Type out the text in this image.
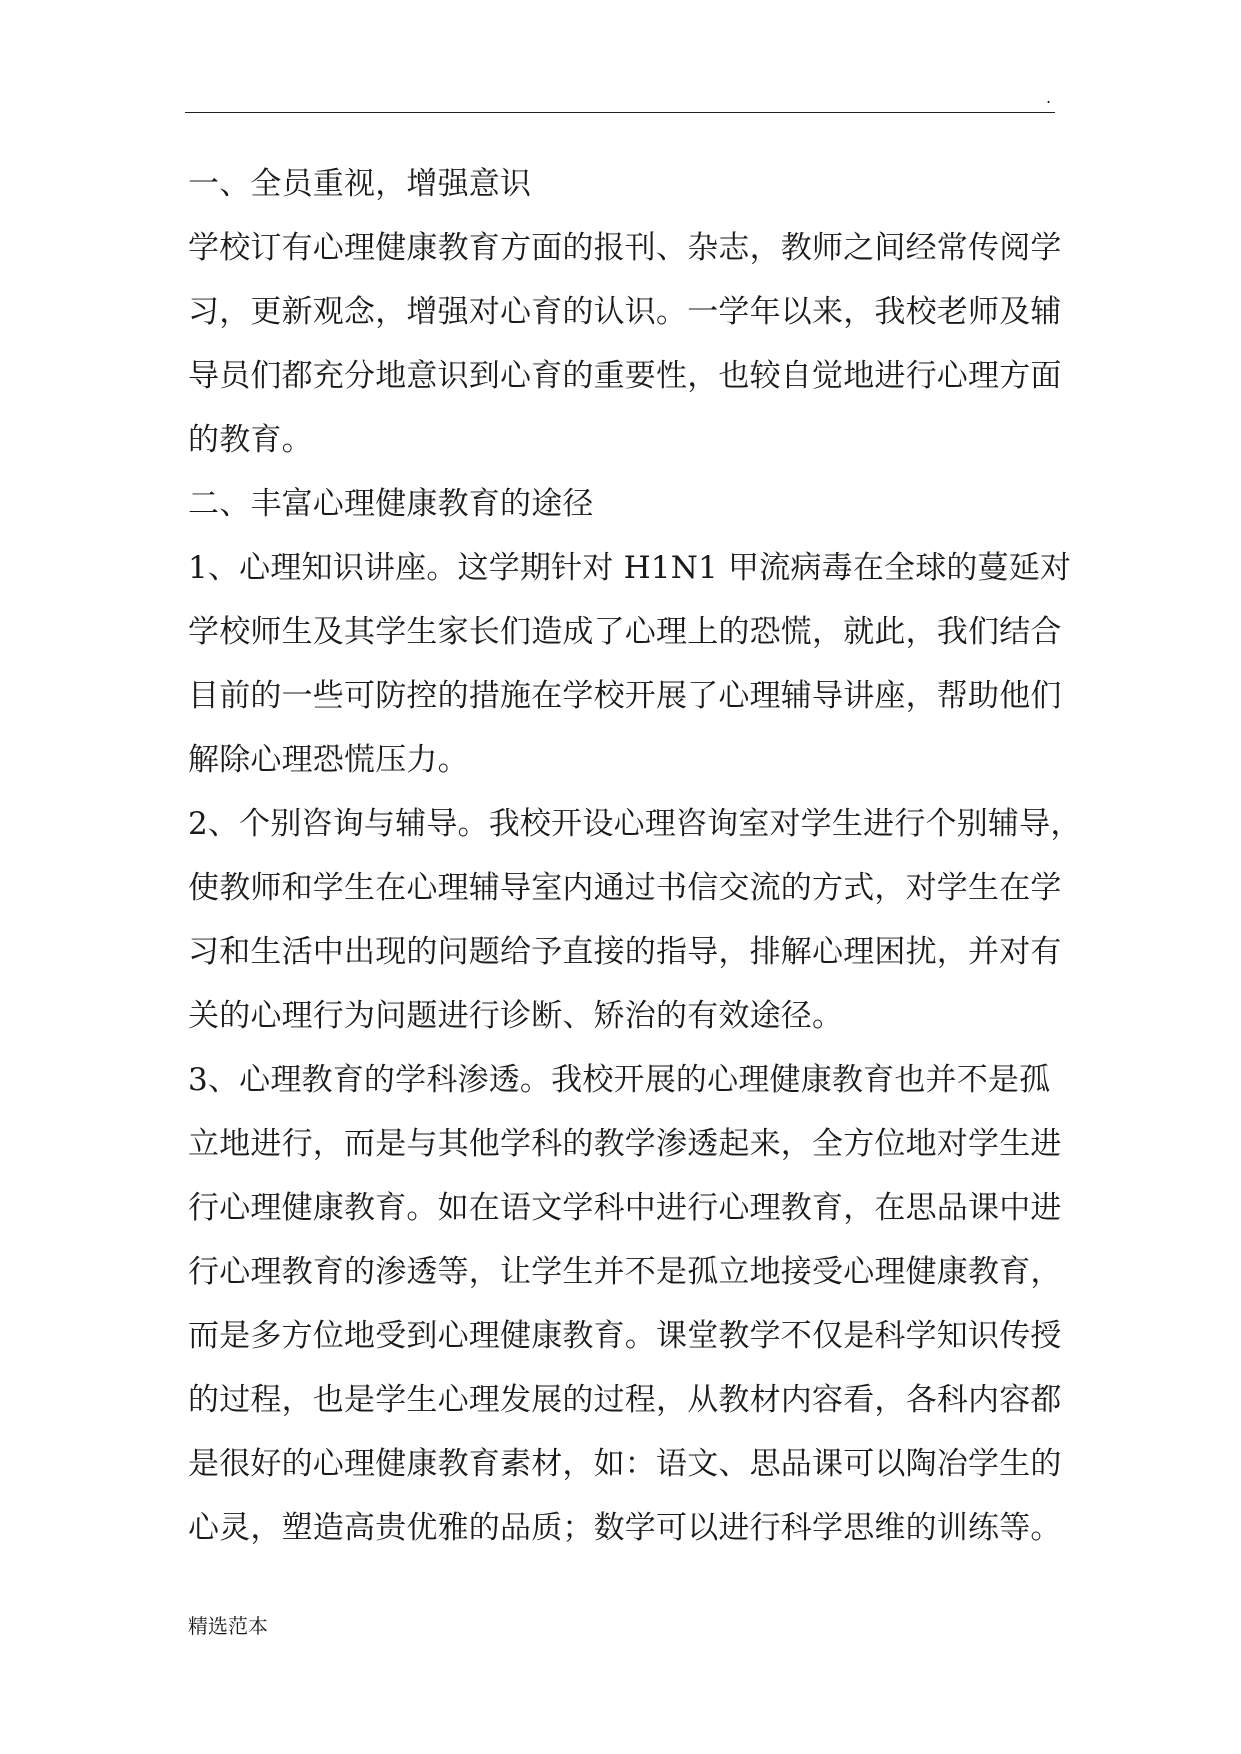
.
一、全员重视，增强意识
学校订有心理健康教育方面的报刊、杂志，教师之间经常传阅学
习，更新观念，增强对心育的认识。一学年以来，我校老师及辅
导员们都充分地意识到心育的重要性，也较自觉地进行心理方面
的教育。
二、丰富心理健康教育的途径
1、心理知识讲座。这学期针对 H1N1 甲流病毒在全球的蔓延对
学校师生及其学生家长们造成了心理上的恐慌，就此，我们结合
目前的一些可防控的措施在学校开展了心理辅导讲座，帮助他们
解除心理恐慌压力。
2、个别咨询与辅导。我校开设心理咨询室对学生进行个别辅导，
使教师和学生在心理辅导室内通过书信交流的方式，对学生在学
习和生活中出现的问题给予直接的指导，排解心理困扰，并对有
关的心理行为问题进行诊断、矫治的有效途径。
3、心理教育的学科渗透。我校开展的心理健康教育也并不是孤
立地进行，而是与其他学科的教学渗透起来，全方位地对学生进
行心理健康教育。如在语文学科中进行心理教育，在思品课中进
行心理教育的渗透等，让学生并不是孤立地接受心理健康教育，
而是多方位地受到心理健康教育。课堂教学不仅是科学知识传授
的过程，也是学生心理发展的过程，从教材内容看，各科内容都
是很好的心理健康教育素材，如：语文、思品课可以陶冶学生的
心灵，塑造高贵优雅的品质；数学可以进行科学思维的训练等。
精选范本
